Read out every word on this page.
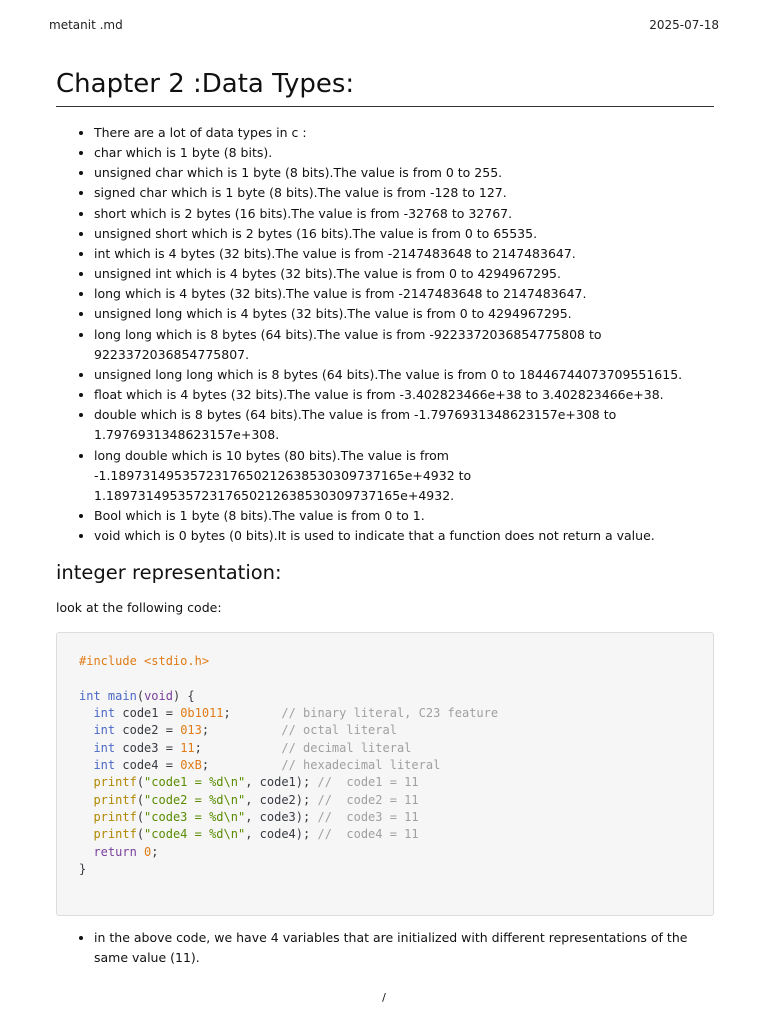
metanit .md	2025-07-18
Chapter 2 :Data Types:
• There are a lot of data types in c :
• char which is 1 byte (8 bits).
• unsigned char which is 1 byte (8 bits).The value is from 0 to 255.
• signed char which is 1 byte (8 bits).The value is from -128 to 127.
• short which is 2 bytes (16 bits).The value is from -32768 to 32767.
• unsigned short which is 2 bytes (16 bits).The value is from 0 to 65535.
• int which is 4 bytes (32 bits).The value is from -2147483648 to 2147483647.
• unsigned int which is 4 bytes (32 bits).The value is from 0 to 4294967295.
• long which is 4 bytes (32 bits).The value is from -2147483648 to 2147483647.
• unsigned long which is 4 bytes (32 bits).The value is from 0 to 4294967295.
• long long which is 8 bytes (64 bits).The value is from -9223372036854775808 to 9223372036854775807.
• unsigned long long which is 8 bytes (64 bits).The value is from 0 to 18446744073709551615.
• float which is 4 bytes (32 bits).The value is from -3.402823466e+38 to 3.402823466e+38.
• double which is 8 bytes (64 bits).The value is from -1.7976931348623157e+308 to 1.7976931348623157e+308.
• long double which is 10 bytes (80 bits).The value is from -1.189731495357231765021263853030973716​5e+4932 to 1.189731495357231765021263853030973716​5e+4932.
• Bool which is 1 byte (8 bits).The value is from 0 to 1.
• void which is 0 bytes (0 bits).It is used to indicate that a function does not return a value.
integer representation:

look at the following code:

#include <stdio.h>
int main(void) {
int code1 = 0b1011;	// binary literal, C23 feature
int code2 = 013;	// octal literal
int code3 = 11;	// decimal literal
int code4 = 0xB;	// hexadecimal literal
printf("code1 = %d\n", code1); //  code1 = 11
printf("code2 = %d\n", code2); //  code2 = 11
printf("code3 = %d\n", code3); //  code3 = 11
printf("code4 = %d\n", code4); //  code4 = 11
return 0;
}
• in the above code, we have 4 variables that are initialized with different representations of the same value (11).
/
